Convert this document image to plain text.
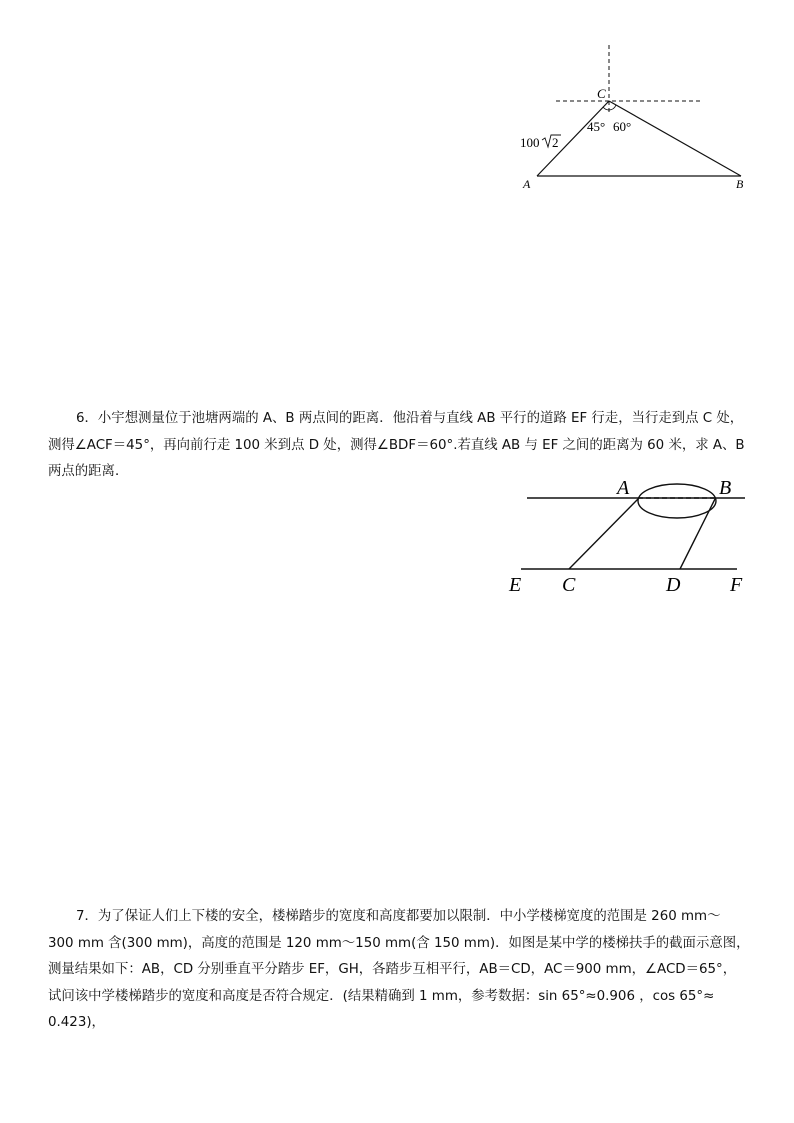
C
A	B
45° 60°
100 2

6．小宇想测量位于池塘两端的 A、B 两点间的距离．他沿着与直线 AB 平行的道路 EF 行走，当行走到点 C 处，

测得∠ACF＝45°，再向前行走 100 米到点 D 处，测得∠BDF＝60°.若直线 AB 与 EF 之间的距离为 60 米，求 A、B

两点的距离．

A	B
E C	D F

7．为了保证人们上下楼的安全，楼梯踏步的宽度和高度都要加以限制．中小学楼梯宽度的范围是 260 mm～

300 mm 含(300 mm)，高度的范围是 120 mm～150 mm(含 150 mm)．如图是某中学的楼梯扶手的截面示意图，

测量结果如下：AB，CD 分别垂直平分踏步 EF，GH，各踏步互相平行，AB＝CD，AC＝900 mm，∠ACD＝65°，

试问该中学楼梯踏步的宽度和高度是否符合规定．(结果精确到 1 mm，参考数据：sin 65°≈0.906 ，cos 65°≈

0.423)，
